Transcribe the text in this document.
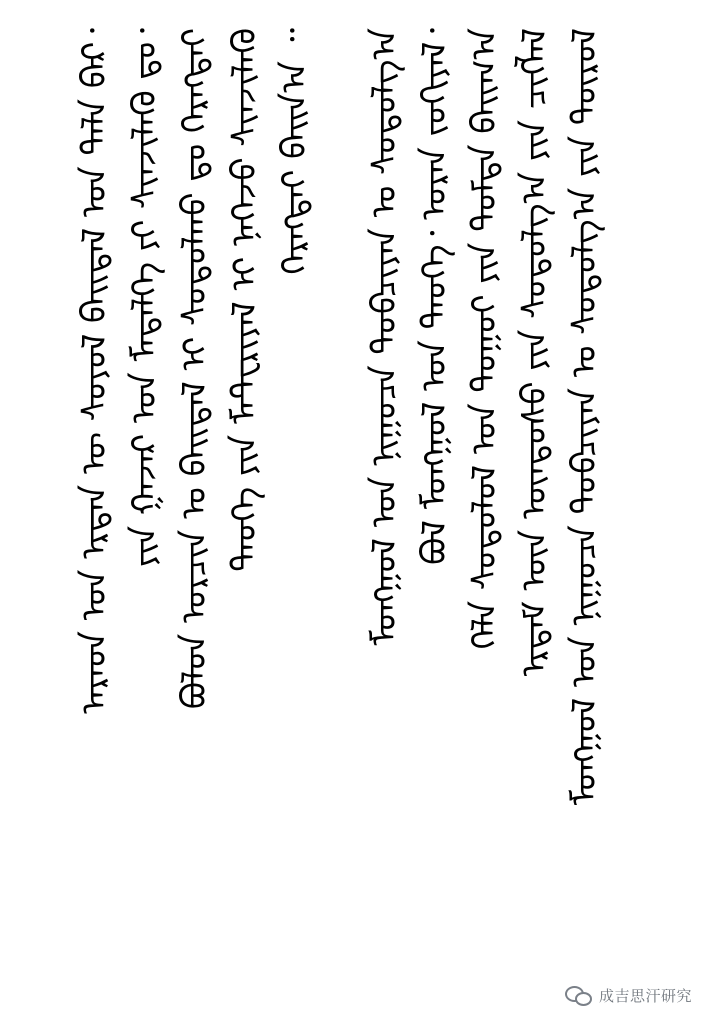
ᠠᠷᠠᠳ ᠤᠨ ᠡᠷᠲᠡᠨ ᠦ ᠰᠣᠶᠣᠯ ᠪᠠᠢᠳᠠᠯ ᠤᠨ ᠲᠠᠯᠠ ᠪᠡᠷ᠂ ᠶᠢᠨ ᠭᠠᠵᠠᠷ ᠤᠨ ᠮᠡᠳᠡᠯᠭᠡ ᠶᠢ ᠰᠢᠨᠵᠢᠯᠡᠬᠦ ᠳᠤ᠂ ᠪᠣᠯᠤᠨ ᠤᠷᠴᠢᠨ ᠤ ᠪᠠᠢᠳᠠᠯ ᠢ ᠰᠣᠳᠤᠯᠬᠤ ᠳᠤ ᠬᠡᠷᠡᠭᠲᠡᠢ ᠲᠡᠦᠬᠡ ᠶᠢᠨ ᠮᠠᠲᠧᠷᠢᠶᠠᠯ ᠢ ᠨᠡᠬᠡᠵᠦ ᠰᠢᠨᠵᠢᠯᠡᠬᠦ ᠬᠡᠷᠡᠭᠲᠡᠢ ᠪᠠᠢᠨ᠎ᠠ ᠃ ᠮᠣᠩᠭᠣᠯ ᠤᠨ ᠨᠢᠭᠤᠴᠠ ᠲᠣᠪᠴᠢᠶᠠᠨ ᠤ ᠰᠣᠳᠤᠯᠭ᠎ᠠ ᠪᠣᠯ ᠮᠣᠩᠭᠣᠯ ᠤᠨ ᠲᠡᠦᠬᠡ᠂ ᠤᠷᠠᠨ ᠵᠣᠬᠢᠶᠠᠯ᠂ ᠬᠡᠯᠡ ᠰᠤᠳᠤᠯᠤᠯ ᠤᠨ ᠳᠤᠭᠤᠢ ᠶᠢᠨ ᠳᠤᠮᠳᠠ ᠪᠠᠢᠭ᠎ᠠ ᠡᠷᠳᠡᠮ ᠦᠨ ᠦᠨᠳᠦᠰᠦ ᠶᠢᠨ ᠰᠤᠳᠤᠯᠭ᠎ᠠ ᠶᠢᠨ ᠴᠢᠭᠯᠡᠯ ᠮᠣᠩᠭᠣᠯ ᠤᠨ ᠨᠢᠭᠤᠴᠠ ᠲᠣᠪᠴᠢᠶᠠᠨ ᠤ ᠰᠣᠳᠤᠯᠭ᠎ᠠ ᠶᠢᠨ ᠲᠦᠷᠦᠯ
成吉思汗研究
